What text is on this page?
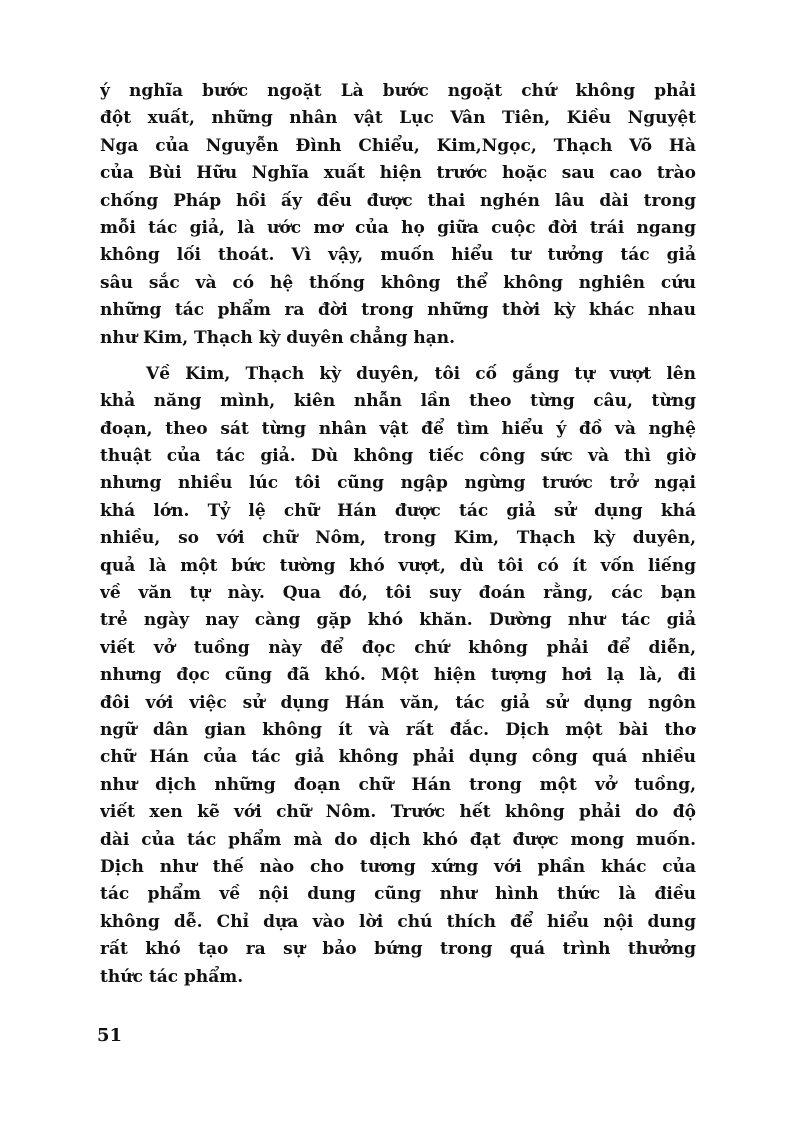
ý nghĩa bước ngoặt Là bước ngoặt chứ không phải
đột xuất, những nhân vật Lục Vân Tiên, Kiều Nguyệt
Nga của Nguyễn Đình Chiểu, Kim,Ngọc, Thạch Võ Hà
của Bùi Hữu Nghĩa xuất hiện trước hoặc sau cao trào
chống Pháp hồi ấy đều được thai nghén lâu dài trong
mỗi tác giả, là ước mơ của họ giữa cuộc đời trái ngang
không lối thoát. Vì vậy, muốn hiểu tư tưởng tác giả
sâu sắc và có hệ thống không thể không nghiên cứu
những tác phẩm ra đời trong những thời kỳ khác nhau
như Kim, Thạch kỳ duyên chẳng hạn.

Về Kim, Thạch kỳ duyên, tôi cố gắng tự vượt lên
khả năng mình, kiên nhẫn lần theo từng câu, từng
đoạn, theo sát từng nhân vật để tìm hiểu ý đồ và nghệ
thuật của tác giả. Dù không tiếc công sức và thì giờ
nhưng nhiều lúc tôi cũng ngập ngừng trước trở ngại
khá lớn. Tỷ lệ chữ Hán được tác giả sử dụng khá
nhiều, so với chữ Nôm, trong Kim, Thạch kỳ duyên,
quả là một bức tường khó vượt, dù tôi có ít vốn liếng
về văn tự này. Qua đó, tôi suy đoán rằng, các bạn
trẻ ngày nay càng gặp khó khăn. Dường như tác giả
viết vở tuồng này để đọc chứ không phải để diễn,
nhưng đọc cũng đã khó. Một hiện tượng hơi lạ là, đi
đôi với việc sử dụng Hán văn, tác giả sử dụng ngôn
ngữ dân gian không ít và rất đắc. Dịch một bài thơ
chữ Hán của tác giả không phải dụng công quá nhiều
như dịch những đoạn chữ Hán trong một vở tuồng,
viết xen kẽ với chữ Nôm. Trước hết không phải do độ
dài của tác phẩm mà do dịch khó đạt được mong muốn.
Dịch như thế nào cho tương xứng với phần khác của
tác phẩm về nội dung cũng như hình thức là điều
không dễ. Chỉ dựa vào lời chú thích để hiểu nội dung
rất khó tạo ra sự bảo bứng trong quá trình thưởng
thức tác phẩm.

51
